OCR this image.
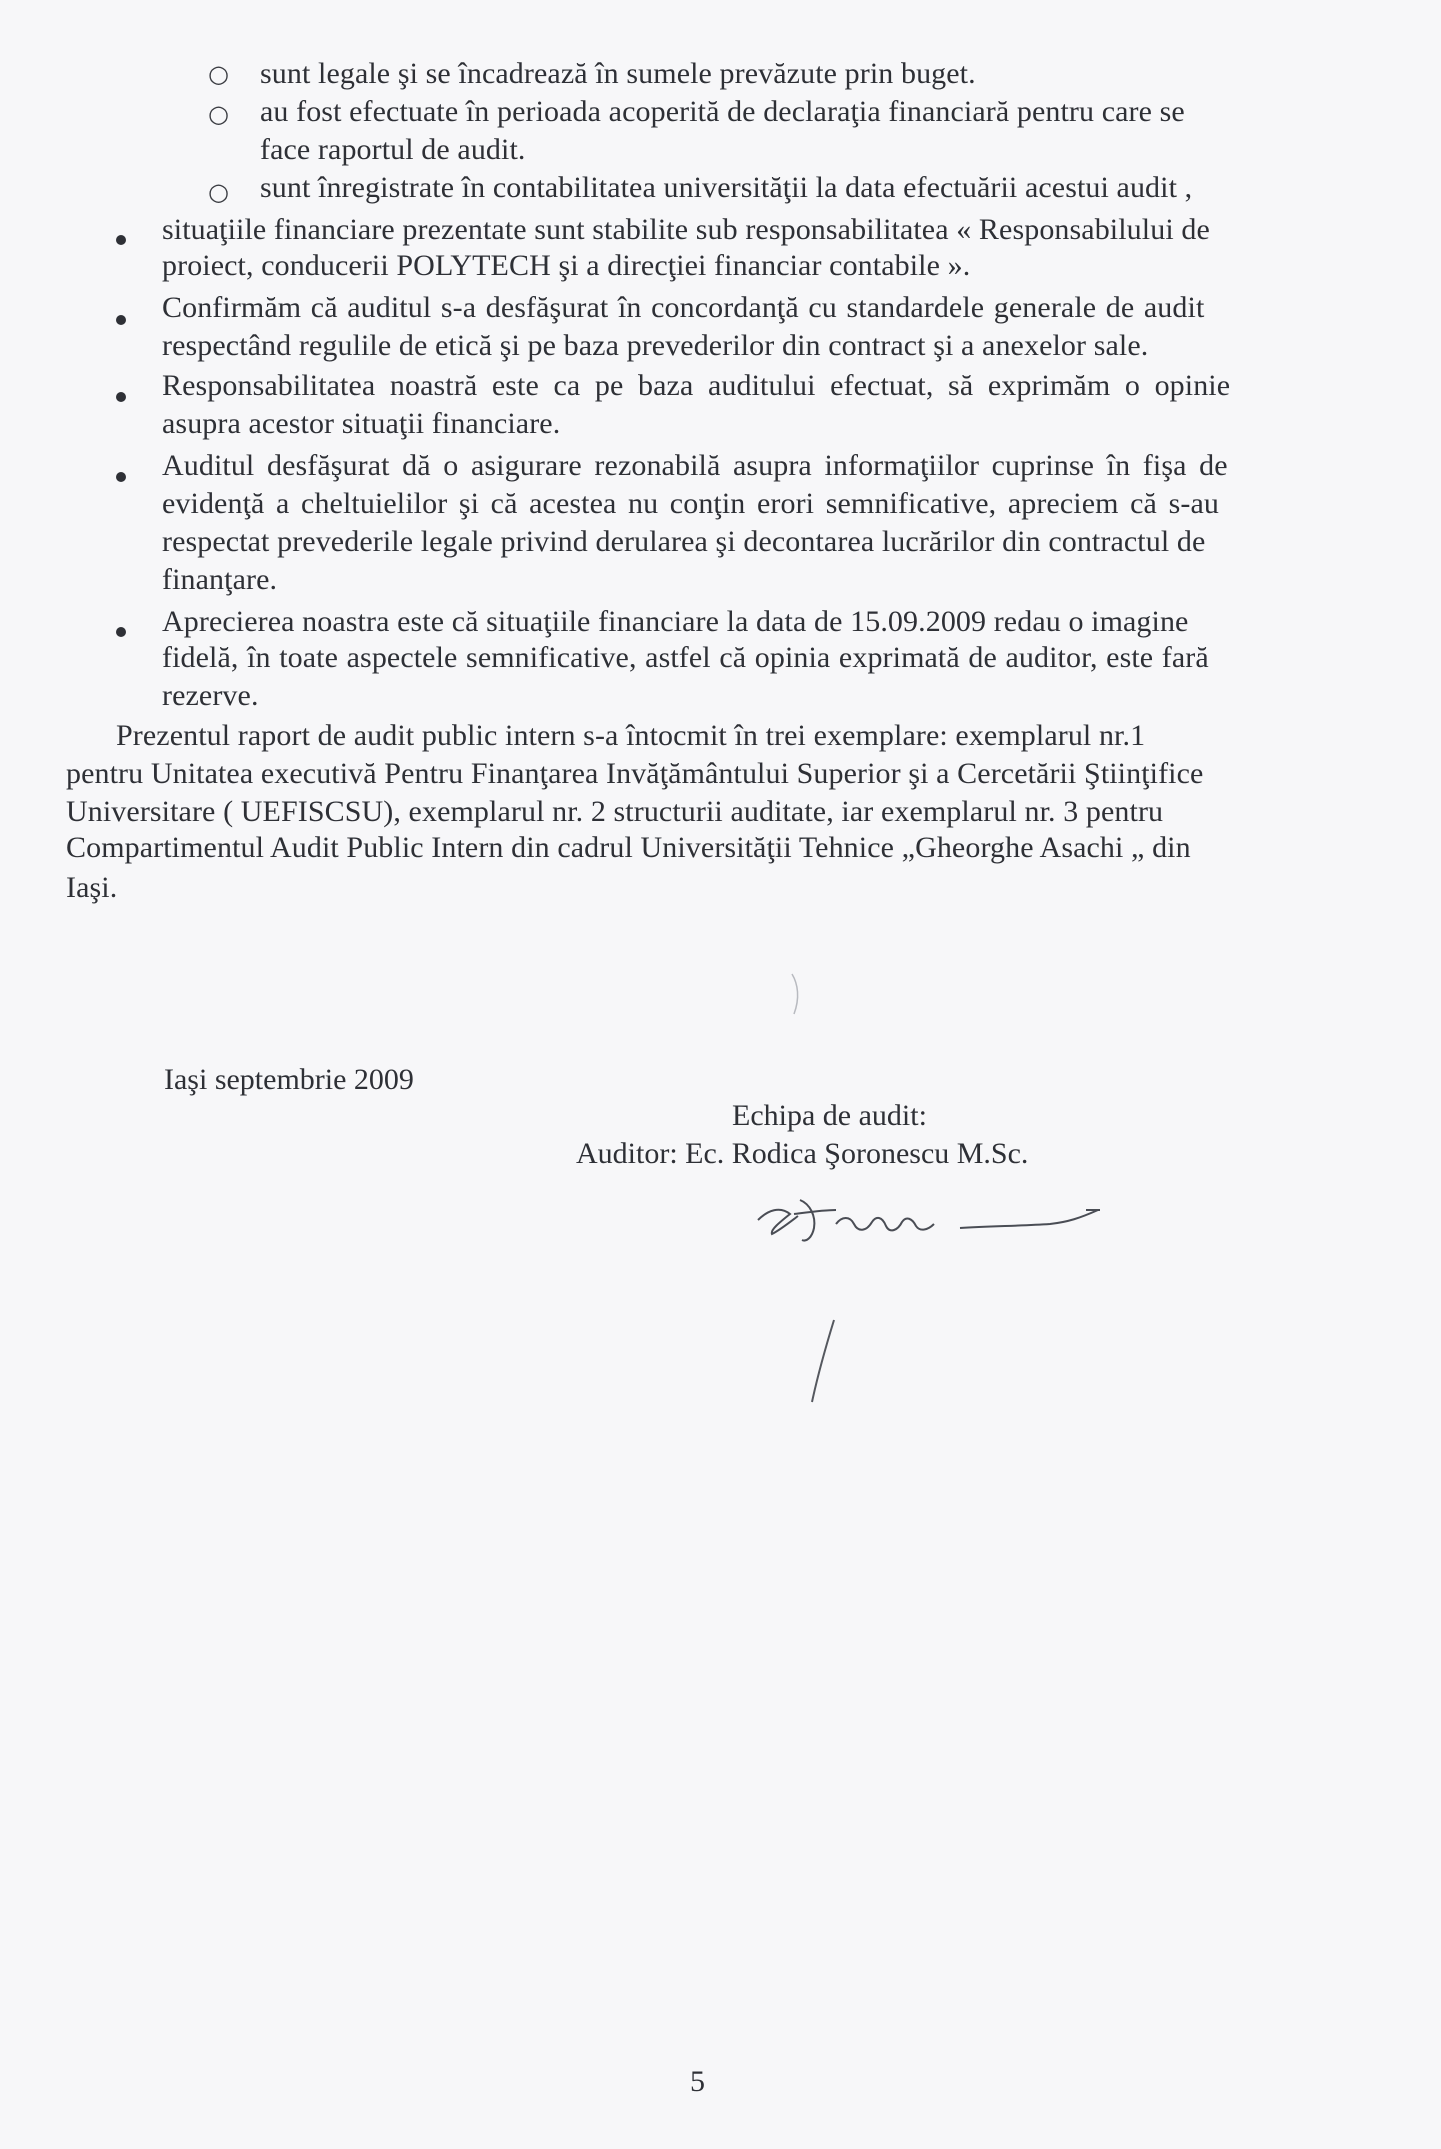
○ sunt legale şi se încadrează în sumele prevăzute prin buget.
○ au fost efectuate în perioada acoperită de declaraţia financiară pentru care se
face raportul de audit.
○ sunt înregistrate în contabilitatea universităţii la data efectuării acestui audit ,
situaţiile financiare prezentate sunt stabilite sub responsabilitatea « Responsabilului de
proiect, conducerii POLYTECH şi a direcţiei financiar contabile ».
Confirmăm că auditul s-a desfăşurat în concordanţă cu standardele generale de audit
respectând regulile de etică şi pe baza prevederilor din contract şi a anexelor sale.
Responsabilitatea noastră este ca pe baza auditului efectuat, să exprimăm o opinie
asupra acestor situaţii financiare.
Auditul desfăşurat dă o asigurare rezonabilă asupra informaţiilor cuprinse în fişa de
evidenţă a cheltuielilor şi că acestea nu conţin erori semnificative, apreciem că s-au
respectat prevederile legale privind derularea şi decontarea lucrărilor din contractul de
finanţare.
Aprecierea noastra este că situaţiile financiare la data de 15.09.2009 redau o imagine
fidelă, în toate aspectele semnificative, astfel că opinia exprimată de auditor, este fară
rezerve.
Prezentul raport de audit public intern s-a întocmit în trei exemplare: exemplarul nr.1
pentru Unitatea executivă Pentru Finanţarea Invăţământului Superior şi a Cercetării Ştiinţifice
Universitare ( UEFISCSU), exemplarul nr. 2 structurii auditate, iar exemplarul nr. 3 pentru
Compartimentul Audit Public Intern din cadrul Universităţii Tehnice „Gheorghe Asachi „ din
Iaşi.
Iaşi septembrie 2009
Echipa de audit:
Auditor: Ec. Rodica Şoronescu M.Sc.
5
